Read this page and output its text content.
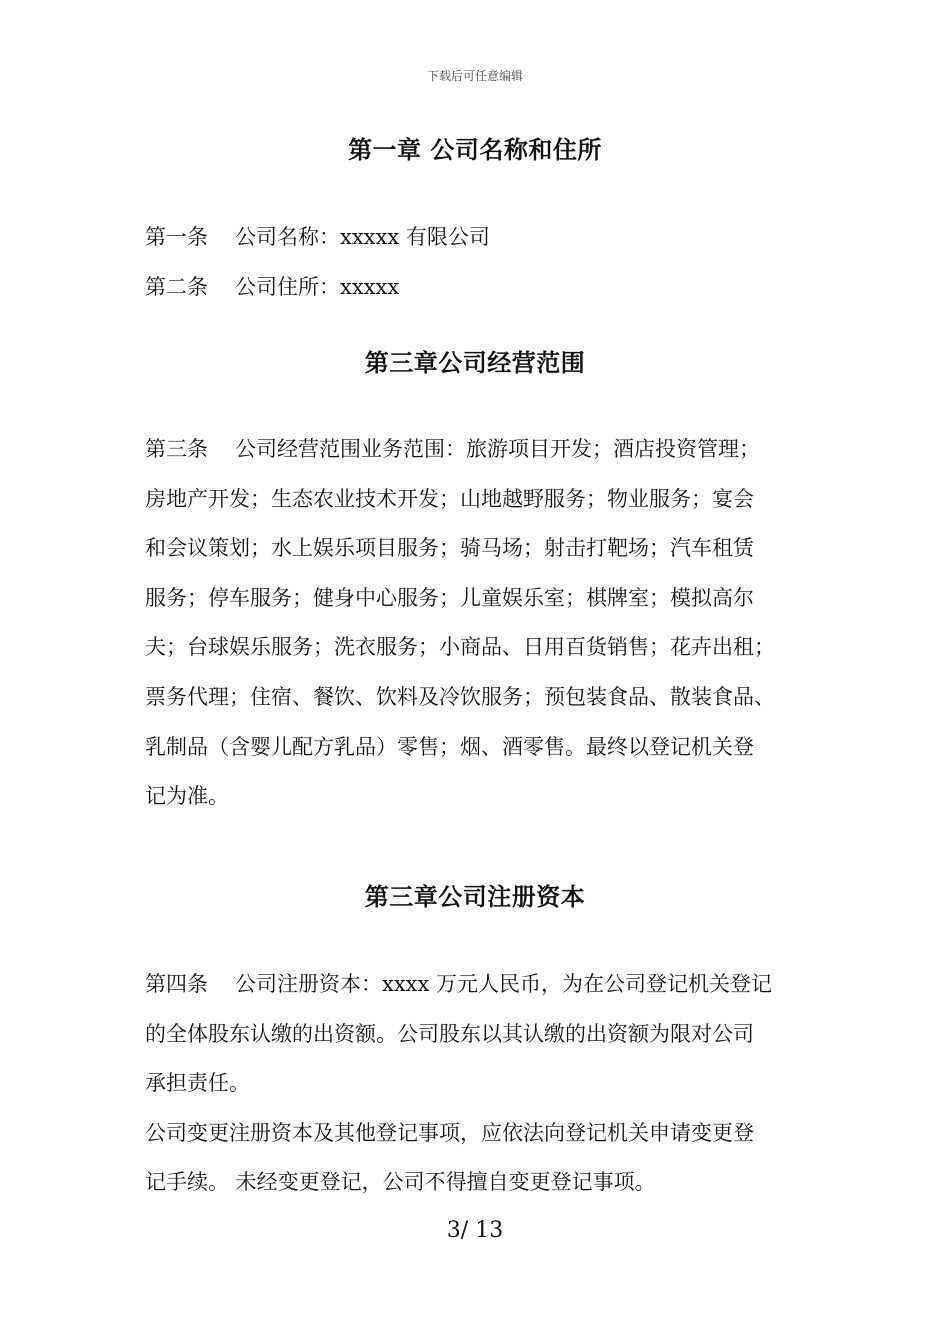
下载后可任意编辑
第一章 公司名称和住所
第一条 公司名称：xxxxx 有限公司
第二条 公司住所：xxxxx
第三章公司经营范围
第三条 公司经营范围业务范围：旅游项目开发；酒店投资管理；
房地产开发；生态农业技术开发；山地越野服务；物业服务；宴会
和会议策划；水上娱乐项目服务；骑马场；射击打靶场；汽车租赁
服务；停车服务；健身中心服务；儿童娱乐室；棋牌室；模拟高尔
夫；台球娱乐服务；洗衣服务；小商品、日用百货销售；花卉出租；
票务代理；住宿、餐饮、饮料及冷饮服务；预包装食品、散装食品、
乳制品（含婴儿配方乳品）零售；烟、酒零售。最终以登记机关登
记为准。
第三章公司注册资本
第四条 公司注册资本：xxxx 万元人民币，为在公司登记机关登记
的全体股东认缴的出资额。公司股东以其认缴的出资额为限对公司
承担责任。
公司变更注册资本及其他登记事项，应依法向登记机关申请变更登
记手续。 未经变更登记，公司不得擅自变更登记事项。
3/ 13
